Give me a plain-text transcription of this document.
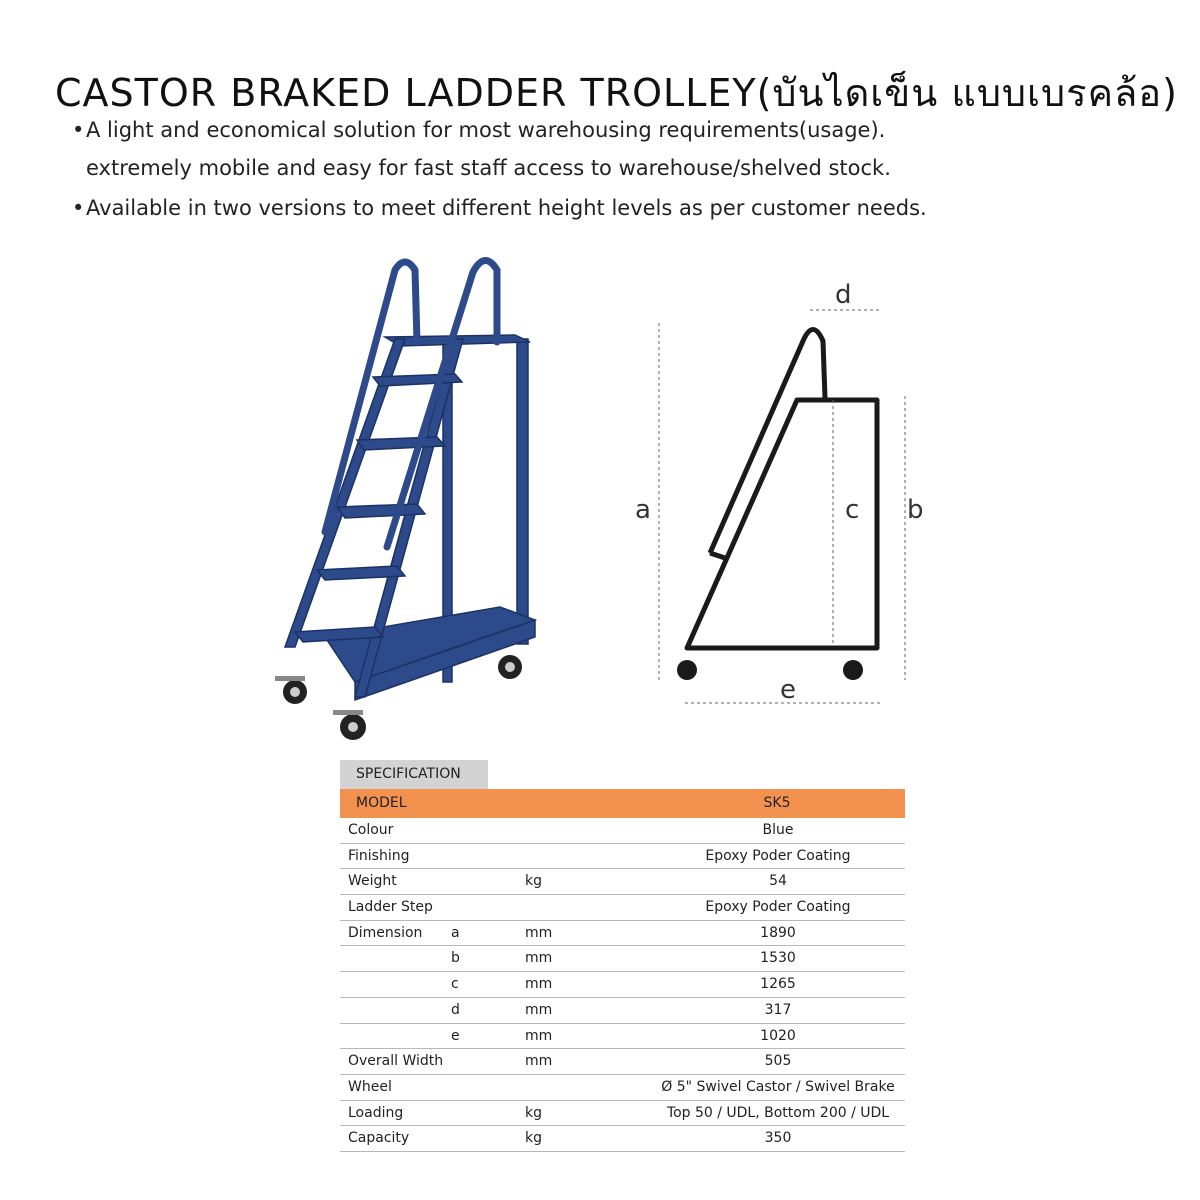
CASTOR BRAKED LADDER TROLLEY(บันไดเข็น แบบเบรคล้อ)
•A light and economical solution for most warehousing requirements(usage).
extremely mobile and easy for fast staff access to warehouse/shelved stock.
•Available in two versions to meet different height levels as per customer needs.
a	b
c
d
e
SPECIFICATION
MODEL	SK5
Colour	Blue
Finishing	Epoxy Poder Coating
Weight	kg	54
Ladder Step	Epoxy Poder Coating
Dimension a	mm	1890
b	mm	1530
c	mm	1265
d	mm	317
e	mm	1020
Overall Width	mm	505
Wheel	Ø 5" Swivel Castor / Swivel Brake
Loading	kg	Top 50 / UDL, Bottom 200 / UDL
Capacity	kg	350
